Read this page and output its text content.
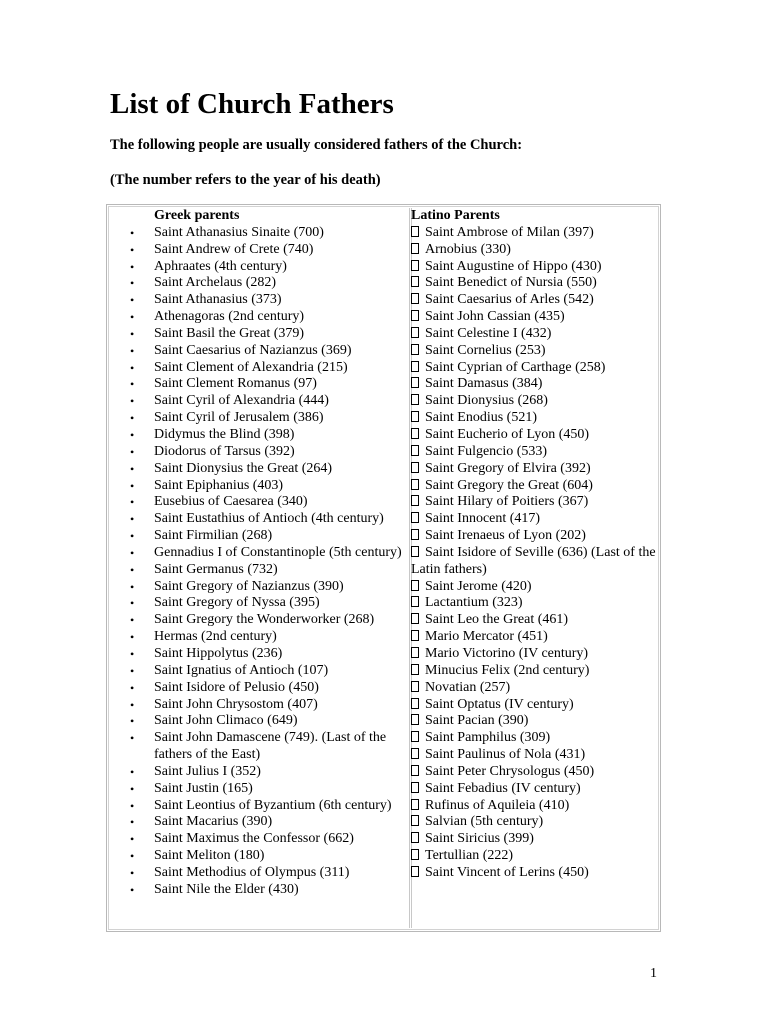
List of Church Fathers

The following people are usually considered fathers of the Church:

(The number refers to the year of his death)

Greek parents
• Saint Athanasius Sinaite (700)
• Saint Andrew of Crete (740)
• Aphraates (4th century)
• Saint Archelaus (282)
• Saint Athanasius (373)
• Athenagoras (2nd century)
• Saint Basil the Great (379)
• Saint Caesarius of Nazianzus (369)
• Saint Clement of Alexandria (215)
• Saint Clement Romanus (97)
• Saint Cyril of Alexandria (444)
• Saint Cyril of Jerusalem (386)
• Didymus the Blind (398)
• Diodorus of Tarsus (392)
• Saint Dionysius the Great (264)
• Saint Epiphanius (403)
• Eusebius of Caesarea (340)
• Saint Eustathius of Antioch (4th century)
• Saint Firmilian (268)
• Gennadius I of Constantinople (5th century)
• Saint Germanus (732)
• Saint Gregory of Nazianzus (390)
• Saint Gregory of Nyssa (395)
• Saint Gregory the Wonderworker (268)
• Hermas (2nd century)
• Saint Hippolytus (236)
• Saint Ignatius of Antioch (107)
• Saint Isidore of Pelusio (450)
• Saint John Chrysostom (407)
• Saint John Climaco (649)
• Saint John Damascene (749). (Last of the fathers of the East)
• Saint Julius I (352)
• Saint Justin (165)
• Saint Leontius of Byzantium (6th century)
• Saint Macarius (390)
• Saint Maximus the Confessor (662)
• Saint Meliton (180)
• Saint Methodius of Olympus (311)
• Saint Nile the Elder (430)
Latino Parents
Saint Ambrose of Milan (397)
Arnobius (330)
Saint Augustine of Hippo (430)
Saint Benedict of Nursia (550)
Saint Caesarius of Arles (542)
Saint John Cassian (435)
Saint Celestine I (432)
Saint Cornelius (253)
Saint Cyprian of Carthage (258)
Saint Damasus (384)
Saint Dionysius (268)
Saint Enodius (521)
Saint Eucherio of Lyon (450)
Saint Fulgencio (533)
Saint Gregory of Elvira (392)
Saint Gregory the Great (604)
Saint Hilary of Poitiers (367)
Saint Innocent (417)
Saint Irenaeus of Lyon (202)
Saint Isidore of Seville (636) (Last of the Latin fathers)
Saint Jerome (420)
Lactantium (323)
Saint Leo the Great (461)
Mario Mercator (451)
Mario Victorino (IV century)
Minucius Felix (2nd century)
Novatian (257)
Saint Optatus (IV century)
Saint Pacian (390)
Saint Pamphilus (309)
Saint Paulinus of Nola (431)
Saint Peter Chrysologus (450)
Saint Febadius (IV century)
Rufinus of Aquileia (410)
Salvian (5th century)
Saint Siricius (399)
Tertullian (222)
Saint Vincent of Lerins (450)

1
